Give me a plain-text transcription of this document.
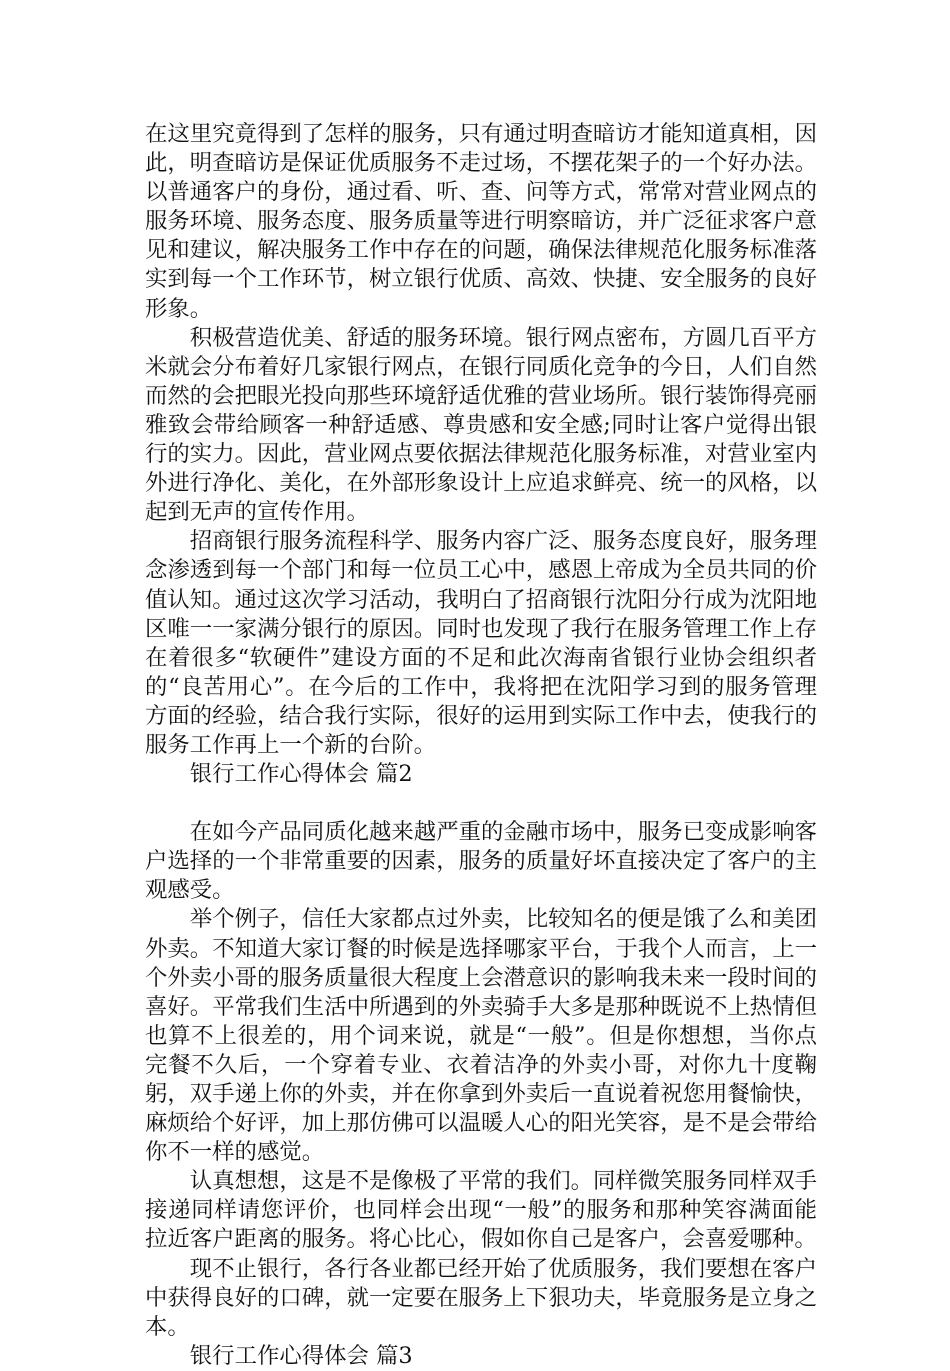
在这里究竟得到了怎样的服务，只有通过明查暗访才能知道真相，因此，明查暗访是保证优质服务不走过场，不摆花架子的一个好办法。以普通客户的身份，通过看、听、查、问等方式，常常对营业网点的服务环境、服务态度、服务质量等进行明察暗访，并广泛征求客户意见和建议，解决服务工作中存在的问题，确保法律规范化服务标准落实到每一个工作环节，树立银行优质、高效、快捷、安全服务的良好形象。

积极营造优美、舒适的服务环境。银行网点密布，方圆几百平方米就会分布着好几家银行网点，在银行同质化竞争的今日，人们自然而然的会把眼光投向那些环境舒适优雅的营业场所。银行装饰得亮丽雅致会带给顾客一种舒适感、尊贵感和安全感;同时让客户觉得出银行的实力。因此，营业网点要依据法律规范化服务标准，对营业室内外进行净化、美化，在外部形象设计上应追求鲜亮、统一的风格，以起到无声的宣传作用。

招商银行服务流程科学、服务内容广泛、服务态度良好，服务理念渗透到每一个部门和每一位员工心中，感恩上帝成为全员共同的价值认知。通过这次学习活动，我明白了招商银行沈阳分行成为沈阳地区唯一一家满分银行的原因。同时也发现了我行在服务管理工作上存在着很多“软硬件”建设方面的不足和此次海南省银行业协会组织者的“良苦用心”。在今后的工作中，我将把在沈阳学习到的服务管理方面的经验，结合我行实际，很好的运用到实际工作中去，使我行的服务工作再上一个新的台阶。

银行工作心得体会 篇2

在如今产品同质化越来越严重的金融市场中，服务已变成影响客户选择的一个非常重要的因素，服务的质量好坏直接决定了客户的主观感受。

举个例子，信任大家都点过外卖，比较知名的便是饿了么和美团外卖。不知道大家订餐的时候是选择哪家平台，于我个人而言，上一个外卖小哥的服务质量很大程度上会潜意识的影响我未来一段时间的喜好。平常我们生活中所遇到的外卖骑手大多是那种既说不上热情但也算不上很差的，用个词来说，就是“一般”。但是你想想，当你点完餐不久后，一个穿着专业、衣着洁净的外卖小哥，对你九十度鞠躬，双手递上你的外卖，并在你拿到外卖后一直说着祝您用餐愉快，麻烦给个好评，加上那仿佛可以温暖人心的阳光笑容，是不是会带给你不一样的感觉。

认真想想，这是不是像极了平常的我们。同样微笑服务同样双手接递同样请您评价，也同样会出现“一般”的服务和那种笑容满面能拉近客户距离的服务。将心比心，假如你自己是客户，会喜爱哪种。

现不止银行，各行各业都已经开始了优质服务，我们要想在客户中获得良好的口碑，就一定要在服务上下狠功夫，毕竟服务是立身之本。

银行工作心得体会 篇3
